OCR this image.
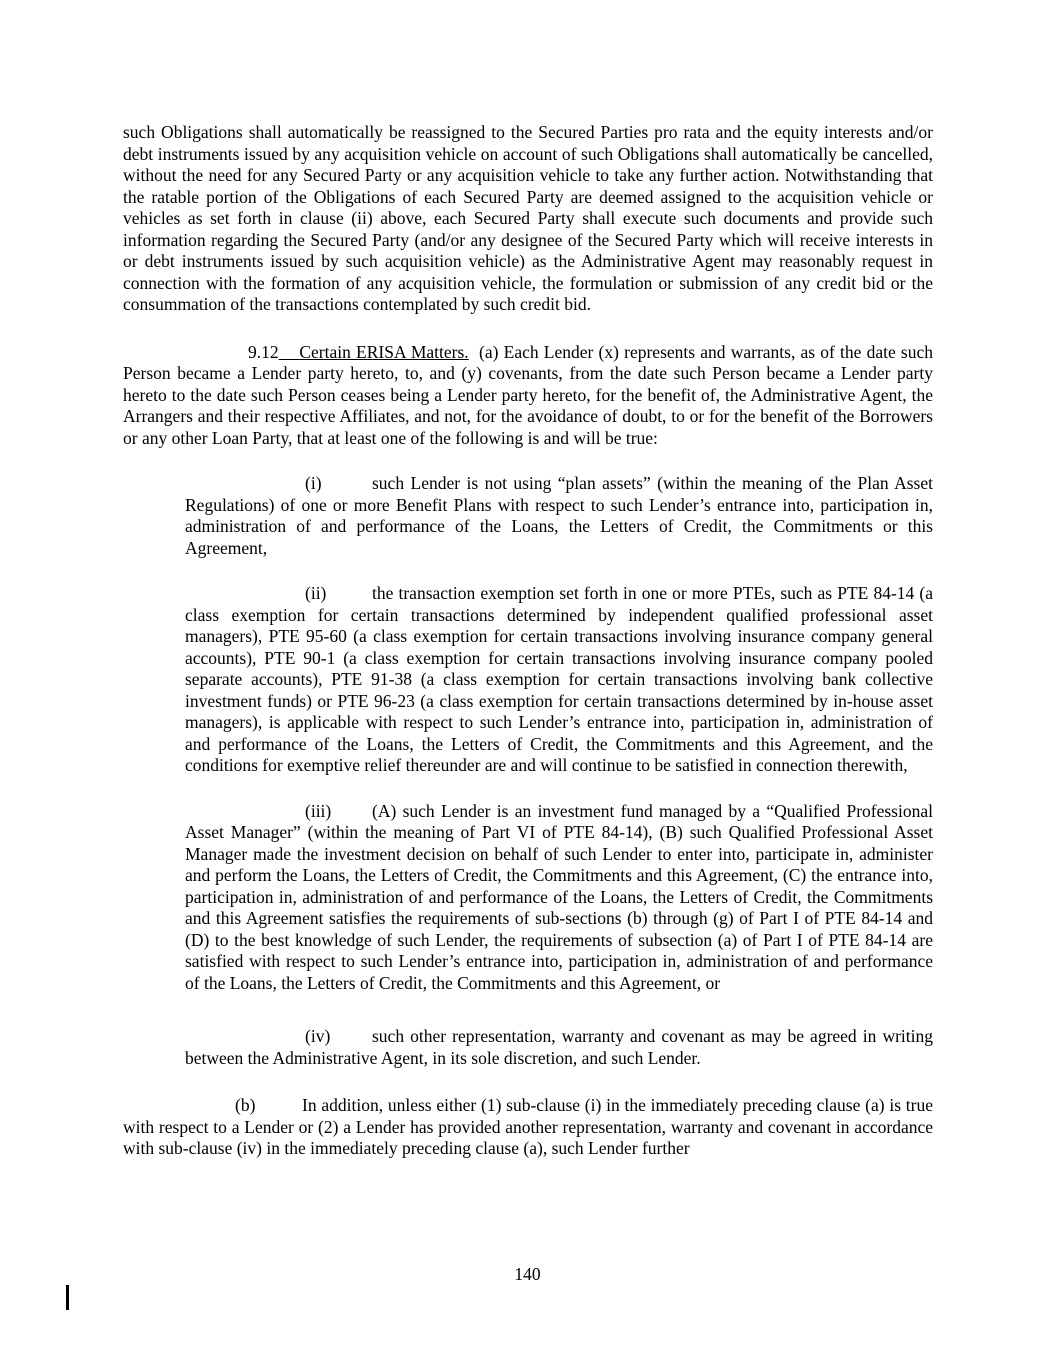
such Obligations shall automatically be reassigned to the Secured Parties pro rata and the equity interests and/or debt instruments issued by any acquisition vehicle on account of such Obligations shall automatically be cancelled, without the need for any Secured Party or any acquisition vehicle to take any further action. Notwithstanding that the ratable portion of the Obligations of each Secured Party are deemed assigned to the acquisition vehicle or vehicles as set forth in clause (ii) above, each Secured Party shall execute such documents and provide such information regarding the Secured Party (and/or any designee of the Secured Party which will receive interests in or debt instruments issued by such acquisition vehicle) as the Administrative Agent may reasonably request in connection with the formation of any acquisition vehicle, the formulation or submission of any credit bid or the consummation of the transactions contemplated by such credit bid.

9.12 Certain ERISA Matters. (a) Each Lender (x) represents and warrants, as of the date such Person became a Lender party hereto, to, and (y) covenants, from the date such Person became a Lender party hereto to the date such Person ceases being a Lender party hereto, for the benefit of, the Administrative Agent, the Arrangers and their respective Affiliates, and not, for the avoidance of doubt, to or for the benefit of the Borrowers or any other Loan Party, that at least one of the following is and will be true:

(i)	such Lender is not using “plan assets” (within the meaning of the Plan Asset Regulations) of one or more Benefit Plans with respect to such Lender’s entrance into, participation in, administration of and performance of the Loans, the Letters of Credit, the Commitments or this Agreement,
(ii)	the transaction exemption set forth in one or more PTEs, such as PTE 84-14 (a class exemption for certain transactions determined by independent qualified professional asset managers), PTE 95-60 (a class exemption for certain transactions involving insurance company general accounts), PTE 90-1 (a class exemption for certain transactions involving insurance company pooled separate accounts), PTE 91-38 (a class exemption for certain transactions involving bank collective investment funds) or PTE 96-23 (a class exemption for certain transactions determined by in-house asset managers), is applicable with respect to such Lender’s entrance into, participation in, administration of and performance of the Loans, the Letters of Credit, the Commitments and this Agreement, and the conditions for exemptive relief thereunder are and will continue to be satisfied in connection therewith,
(iii) (A) such Lender is an investment fund managed by a “Qualified Professional Asset Manager” (within the meaning of Part VI of PTE 84-14), (B) such Qualified Professional Asset Manager made the investment decision on behalf of such Lender to enter into, participate in, administer and perform the Loans, the Letters of Credit, the Commitments and this Agreement, (C) the entrance into, participation in, administration of and performance of the Loans, the Letters of Credit, the Commitments and this Agreement satisfies the requirements of sub-sections (b) through (g) of Part I of PTE 84-14 and (D) to the best knowledge of such Lender, the requirements of subsection (a) of Part I of PTE 84-14 are satisfied with respect to such Lender’s entrance into, participation in, administration of and performance of the Loans, the Letters of Credit, the Commitments and this Agreement, or
(iv) such other representation, warranty and covenant as may be agreed in writing between the Administrative Agent, in its sole discretion, and such Lender.

(b)	In addition, unless either (1) sub-clause (i) in the immediately preceding clause (a) is true with respect to a Lender or (2) a Lender has provided another representation, warranty and covenant in accordance with sub-clause (iv) in the immediately preceding clause (a), such Lender further

140
